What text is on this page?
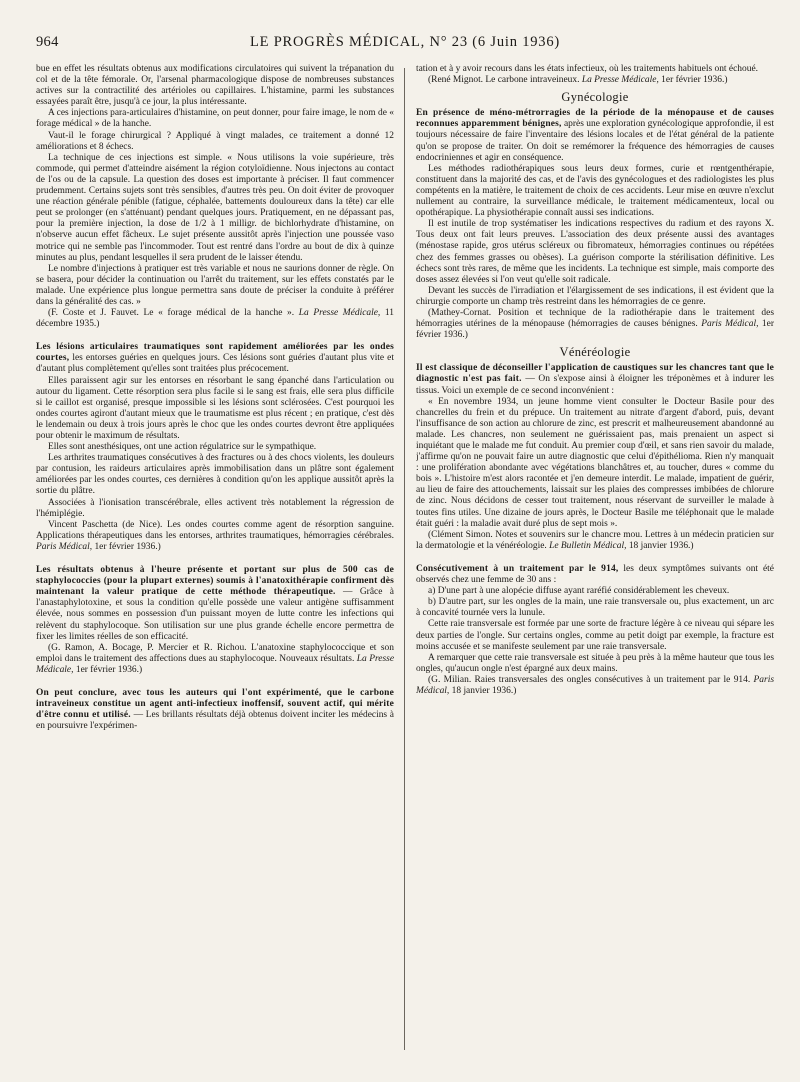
964	LE PROGRÈS MÉDICAL, N° 23 (6 Juin 1936)

bue en effet les résultats obtenus aux modifications circulatoires qui suivent la trépanation du col et de la tête fémorale. Or, l'arsenal pharmacologique dispose de nombreuses substances actives sur la contractilité des artérioles ou capillaires. L'histamine, parmi les substances essayées paraît être, jusqu'à ce jour, la plus intéressante.

A ces injections para-articulaires d'histamine, on peut donner, pour faire image, le nom de « forage médical » de la hanche.

Vaut-il le forage chirurgical ? Appliqué à vingt malades, ce traitement a donné 12 améliorations et 8 échecs.

La technique de ces injections est simple. « Nous utilisons la voie supérieure, très commode, qui permet d'atteindre aisément la région cotyloïdienne. Nous injectons au contact de l'os ou de la capsule. La question des doses est importante à préciser. Il faut commencer prudemment. Certains sujets sont très sensibles, d'autres très peu. On doit éviter de provoquer une réaction générale pénible (fatigue, céphalée, battements douloureux dans la tête) car elle peut se prolonger (en s'atténuant) pendant quelques jours. Pratiquement, en ne dépassant pas, pour la première injection, la dose de 1/2 à 1 milligr. de bichlorhydrate d'histamine, on n'observe aucun effet fâcheux. Le sujet présente aussitôt après l'injection une poussée vaso motrice qui ne semble pas l'incommoder. Tout est rentré dans l'ordre au bout de dix à quinze minutes au plus, pendant lesquelles il sera prudent de le laisser étendu.

Le nombre d'injections à pratiquer est très variable et nous ne saurions donner de règle. On se basera, pour décider la continuation ou l'arrêt du traitement, sur les effets constatés par le malade. Une expérience plus longue permettra sans doute de préciser la conduite à préférer dans la généralité des cas. »

(F. Coste et J. Fauvet. Le « forage médical de la hanche ». La Presse Médicale, 11 décembre 1935.)

Les lésions articulaires traumatiques sont rapidement améliorées par les ondes courtes, les entorses guéries en quelques jours. Ces lésions sont guéries d'autant plus vite et d'autant plus complètement qu'elles sont traitées plus précocement.

Elles paraissent agir sur les entorses en résorbant le sang épanché dans l'articulation ou autour du ligament. Cette résorption sera plus facile si le sang est frais, elle sera plus difficile si le caillot est organisé, presque impossible si les lésions sont sclérosées. C'est pourquoi les ondes courtes agiront d'autant mieux que le traumatisme est plus récent ; en pratique, c'est dès le lendemain ou deux à trois jours après le choc que les ondes courtes devront être appliquées pour obtenir le maximum de résultats.

Elles sont anesthésiques, ont une action régulatrice sur le sympathique.

Les arthrites traumatiques consécutives à des fractures ou à des chocs violents, les douleurs par contusion, les raideurs articulaires après immobilisation dans un plâtre sont également améliorées par les ondes courtes, ces dernières à condition qu'on les applique aussitôt après la sortie du plâtre.

Associées à l'ionisation transcérébrale, elles activent très notablement la régression de l'hémiplégie.

Vincent Paschetta (de Nice). Les ondes courtes comme agent de résorption sanguine. Applications thérapeutiques dans les entorses, arthrites traumatiques, hémorragies cérébrales. Paris Médical, 1er février 1936.)

Les résultats obtenus à l'heure présente et portant sur plus de 500 cas de staphylococcies (pour la plupart externes) soumis à l'anatoxithérapie confirment dès maintenant la valeur pratique de cette méthode thérapeutique. — Grâce à l'anastaphylotoxine, et sous la condition qu'elle possède une valeur antigène suffisamment élevée, nous sommes en possession d'un puissant moyen de lutte contre les infections qui relèvent du staphylocoque. Son utilisation sur une plus grande échelle encore permettra de fixer les limites réelles de son efficacité.

(G. Ramon, A. Bocage, P. Mercier et R. Richou. L'anatoxine staphylococcique et son emploi dans le traitement des affections dues au staphylocoque. Nouveaux résultats. La Presse Médicale, 1er février 1936.)

On peut conclure, avec tous les auteurs qui l'ont expérimenté, que le carbone intraveineux constitue un agent anti-infectieux inoffensif, souvent actif, qui mérite d'être connu et utilisé. — Les brillants résultats déjà obtenus doivent inciter les médecins à en poursuivre l'expérimen-

tation et à y avoir recours dans les états infectieux, où les traitements habituels ont échoué.

(René Mignot. Le carbone intraveineux. La Presse Médicale, 1er février 1936.)

Gynécologie

En présence de méno-métrorragies de la période de la ménopause et de causes reconnues apparemment bénignes, après une exploration gynécologique approfondie, il est toujours nécessaire de faire l'inventaire des lésions locales et de l'état général de la patiente qu'on se propose de traiter. On doit se remémorer la fréquence des hémorragies de causes endocriniennes et agir en conséquence.

Les méthodes radiothérapiques sous leurs deux formes, curie et rœntgenthérapie, constituent dans la majorité des cas, et de l'avis des gynécologues et des radiologistes les plus compétents en la matière, le traitement de choix de ces accidents. Leur mise en œuvre n'exclut nullement au contraire, la surveillance médicale, le traitement médicamenteux, local ou opothérapique. La physiothérapie connaît aussi ses indications.

Il est inutile de trop systématiser les indications respectives du radium et des rayons X. Tous deux ont fait leurs preuves. L'association des deux présente aussi des avantages (ménostase rapide, gros utérus scléreux ou fibromateux, hémorragies continues ou répétées chez des femmes grasses ou obèses). La guérison comporte la stérilisation définitive. Les échecs sont très rares, de même que les incidents. La technique est simple, mais comporte des doses assez élevées si l'on veut qu'elle soit radicale.

Devant les succès de l'irradiation et l'élargissement de ses indications, il est évident que la chirurgie comporte un champ très restreint dans les hémorragies de ce genre.

(Mathey-Cornat. Position et technique de la radiothérapie dans le traitement des hémorragies utérines de la ménopause (hémorragies de causes bénignes. Paris Médical, 1er février 1936.)

Vénéréologie

Il est classique de déconseiller l'application de caustiques sur les chancres tant que le diagnostic n'est pas fait. — On s'expose ainsi à éloigner les tréponèmes et à indurer les tissus. Voici un exemple de ce second inconvénient :

« En novembre 1934, un jeune homme vient consulter le Docteur Basile pour des chancrelles du frein et du prépuce. Un traitement au nitrate d'argent d'abord, puis, devant l'insuffisance de son action au chlorure de zinc, est prescrit et malheureusement abandonné au malade. Les chancres, non seulement ne guérissaient pas, mais prenaient un aspect si inquiétant que le malade me fut conduit. Au premier coup d'œil, et sans rien savoir du malade, j'affirme qu'on ne pouvait faire un autre diagnostic que celui d'épithélioma. Rien n'y manquait : une prolifération abondante avec végétations blanchâtres et, au toucher, dures « comme du bois ». L'histoire m'est alors racontée et j'en demeure interdit. Le malade, impatient de guérir, au lieu de faire des attouchements, laissait sur les plaies des compresses imbibées de chlorure de zinc. Nous décidons de cesser tout traitement, nous réservant de surveiller le malade à toutes fins utiles. Une dizaine de jours après, le Docteur Basile me téléphonait que le malade était guéri : la maladie avait duré plus de sept mois ».

(Clément Simon. Notes et souvenirs sur le chancre mou. Lettres à un médecin praticien sur la dermatologie et la vénéréologie. Le Bulletin Médical, 18 janvier 1936.)

Consécutivement à un traitement par le 914, les deux symptômes suivants ont été observés chez une femme de 30 ans :

a) D'une part à une alopécie diffuse ayant raréfié considérablement les cheveux.

b) D'autre part, sur les ongles de la main, une raie transversale ou, plus exactement, un arc à concavité tournée vers la lunule.

Cette raie transversale est formée par une sorte de fracture légère à ce niveau qui sépare les deux parties de l'ongle. Sur certains ongles, comme au petit doigt par exemple, la fracture est moins accusée et se manifeste seulement par une raie transversale.

A remarquer que cette raie transversale est située à peu près à la même hauteur que tous les ongles, qu'aucun ongle n'est épargné aux deux mains.

(G. Milian. Raies transversales des ongles consécutives à un traitement par le 914. Paris Médical, 18 janvier 1936.)
